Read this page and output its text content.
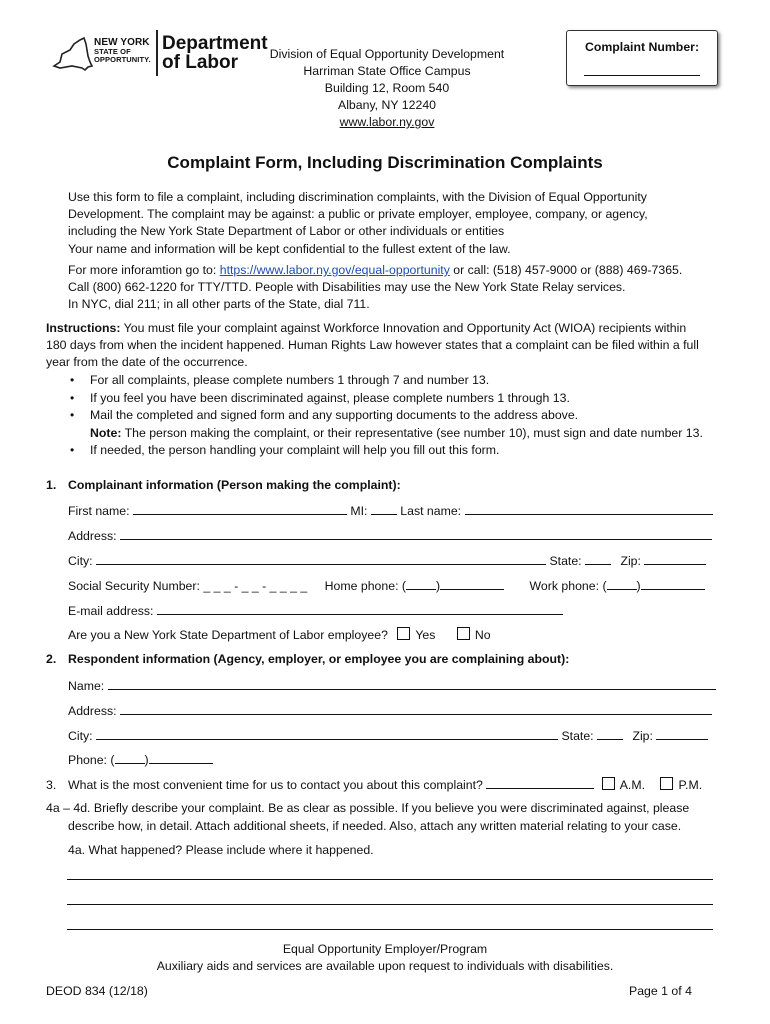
NEW YORK
STATE OF
OPPORTUNITY.
Department
of Labor	Division of Equal Opportunity Development
Harriman State Office Campus
Building 12, Room 540
Albany, NY 12240
www.labor.ny.gov
Complaint Number:
Complaint Form, Including Discrimination Complaints
Use this form to file a complaint, including discrimination complaints, with the Division of Equal Opportunity
Development. The complaint may be against: a public or private employer, employee, company, or agency,
including the New York State Department of Labor or other individuals or entities
Your name and information will be kept confidential to the fullest extent of the law.
For more inforamtion go to: https://www.labor.ny.gov/equal-opportunity or call: (518) 457-9000 or (888) 469-7365.
Call (800) 662-1220 for TTY/TTD. People with Disabilities may use the New York State Relay services.
In NYC, dial 211; in all other parts of the State, dial 711.
Instructions: You must file your complaint against Workforce Innovation and Opportunity Act (WIOA) recipients within
180 days from when the incident happened. Human Rights Law however states that a complaint can be filed within a full
year from the date of the occurrence.
• For all complaints, please complete numbers 1 through 7 and number 13.
• If you feel you have been discriminated against, please complete numbers 1 through 13.
• Mail the completed and signed form and any supporting documents to the address above.
Note: The person making the complaint, or their representative (see number 10), must sign and date number 13.
• If needed, the person handling your complaint will help you fill out this form.
1. Complainant information (Person making the complaint):
First name:	MI:	Last name:
Address:
City:	State:	Zip:
Social Security Number: _ _ _ - _ _ - _ _ _ _ Home phone: ( )	Work phone: ( )
E-mail address:
Are you a New York State Department of Labor employee? Yes	No
2. Respondent information (Agency, employer, or employee you are complaining about):
Name:
Address:
City:	State:	Zip:
Phone: ( )
3. What is the most convenient time for us to contact you about this complaint?	A.M.	P.M.
4a – 4d. Briefly describe your complaint. Be as clear as possible. If you believe you were discriminated against, please
describe how, in detail. Attach additional sheets, if needed. Also, attach any written material relating to your case.
4a. What happened? Please include where it happened.
Equal Opportunity Employer/Program
Auxiliary aids and services are available upon request to individuals with disabilities.
DEOD 834 (12/18)	Page 1 of 4
